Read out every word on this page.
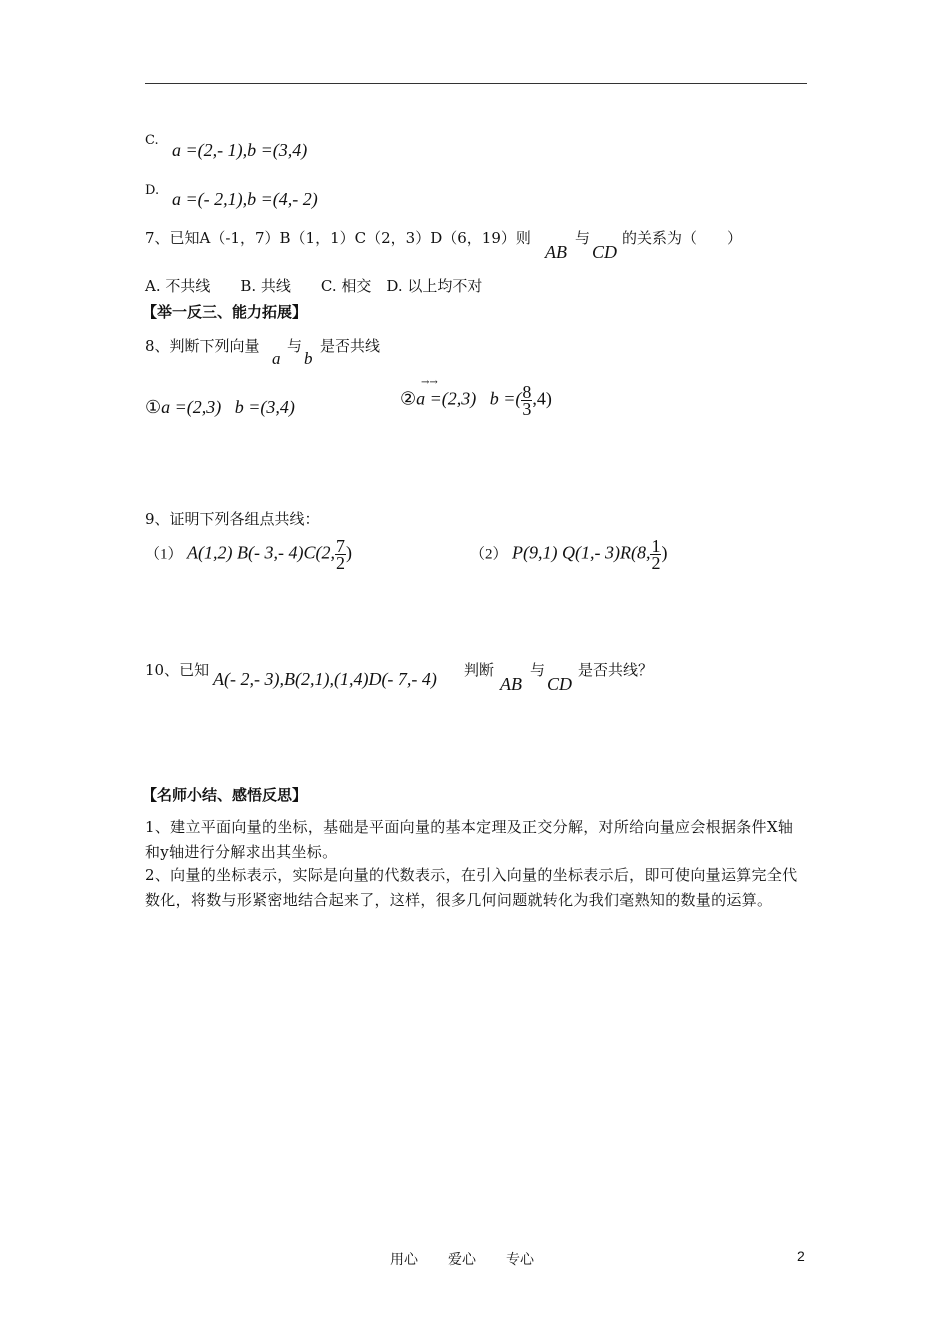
C. a =(2,- 1),b =(3,4)
D. a =(- 2,1),b =(4,- 2)
7、已知A（-1，7）B（1，1）C（2，3）D（6，19）则
AB
与
CD
的关系为（　　）
A. 不共线　　B. 共线　　C. 相交　D. 以上均不对
【举一反三、能力拓展】
8、判断下列向量
a
与
b
是否共线
①a =(2,3) b =(3,4)
→→
②a =(2,3) b =( $\frac{8}{3} ,4$)
9、证明下列各组点共线：
（1） A(1,2) B(- 3,- 4)C(2, $\frac{7}{2}$ )	（2） P(9,1) Q(1,- 3)R(8, $\frac{1}{2}$ )
10、已知 A(- 2,- 3),B(2,1),(1,4)D(- 7,- 4) 判断
AB
与
CD
是否共线？
【名师小结、感悟反思】
1、建立平面向量的坐标，基础是平面向量的基本定理及正交分解，对所给向量应会根据条件X轴和y轴进行分解求出其坐标。
2、向量的坐标表示，实际是向量的代数表示，在引入向量的坐标表示后，即可使向量运算完全代数化，将数与形紧密地结合起来了，这样，很多几何问题就转化为我们毫熟知的数量的运算。
用心 爱心 专心	2
